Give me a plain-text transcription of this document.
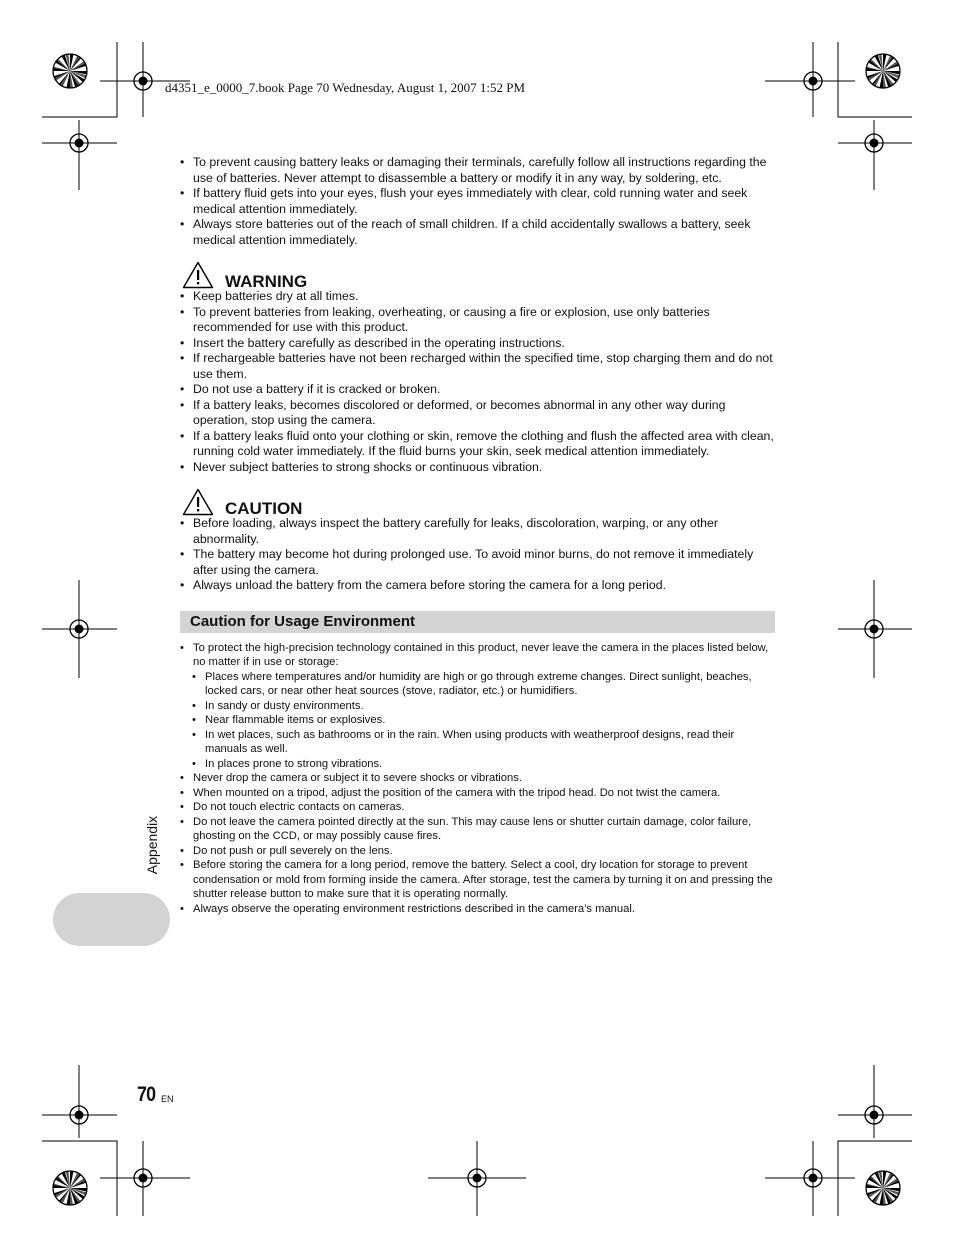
d4351_e_0000_7.book Page 70 Wednesday, August 1, 2007 1:52 PM
• To prevent causing battery leaks or damaging their terminals, carefully follow all instructions regarding the use of batteries. Never attempt to disassemble a battery or modify it in any way, by soldering, etc.
• If battery fluid gets into your eyes, flush your eyes immediately with clear, cold running water and seek medical attention immediately.
• Always store batteries out of the reach of small children. If a child accidentally swallows a battery, seek medical attention immediately.
WARNING
• Keep batteries dry at all times.
• To prevent batteries from leaking, overheating, or causing a fire or explosion, use only batteries recommended for use with this product.
• Insert the battery carefully as described in the operating instructions.
• If rechargeable batteries have not been recharged within the specified time, stop charging them and do not use them.
• Do not use a battery if it is cracked or broken.
• If a battery leaks, becomes discolored or deformed, or becomes abnormal in any other way during operation, stop using the camera.
• If a battery leaks fluid onto your clothing or skin, remove the clothing and flush the affected area with clean, running cold water immediately. If the fluid burns your skin, seek medical attention immediately.
• Never subject batteries to strong shocks or continuous vibration.
CAUTION
• Before loading, always inspect the battery carefully for leaks, discoloration, warping, or any other abnormality.
• The battery may become hot during prolonged use. To avoid minor burns, do not remove it immediately after using the camera.
• Always unload the battery from the camera before storing the camera for a long period.
Caution for Usage Environment
• To protect the high-precision technology contained in this product, never leave the camera in the places listed below, no matter if in use or storage:
• Places where temperatures and/or humidity are high or go through extreme changes. Direct sunlight, beaches, locked cars, or near other heat sources (stove, radiator, etc.) or humidifiers.
• In sandy or dusty environments.
• Near flammable items or explosives.
• In wet places, such as bathrooms or in the rain. When using products with weatherproof designs, read their manuals as well.
• In places prone to strong vibrations.
• Never drop the camera or subject it to severe shocks or vibrations.
• When mounted on a tripod, adjust the position of the camera with the tripod head. Do not twist the camera.
• Do not touch electric contacts on cameras.
• Do not leave the camera pointed directly at the sun. This may cause lens or shutter curtain damage, color failure, ghosting on the CCD, or may possibly cause fires.
• Do not push or pull severely on the lens.
• Before storing the camera for a long period, remove the battery. Select a cool, dry location for storage to prevent condensation or mold from forming inside the camera. After storage, test the camera by turning it on and pressing the shutter release button to make sure that it is operating normally.
• Always observe the operating environment restrictions described in the camera’s manual.
Appendix
70 EN
